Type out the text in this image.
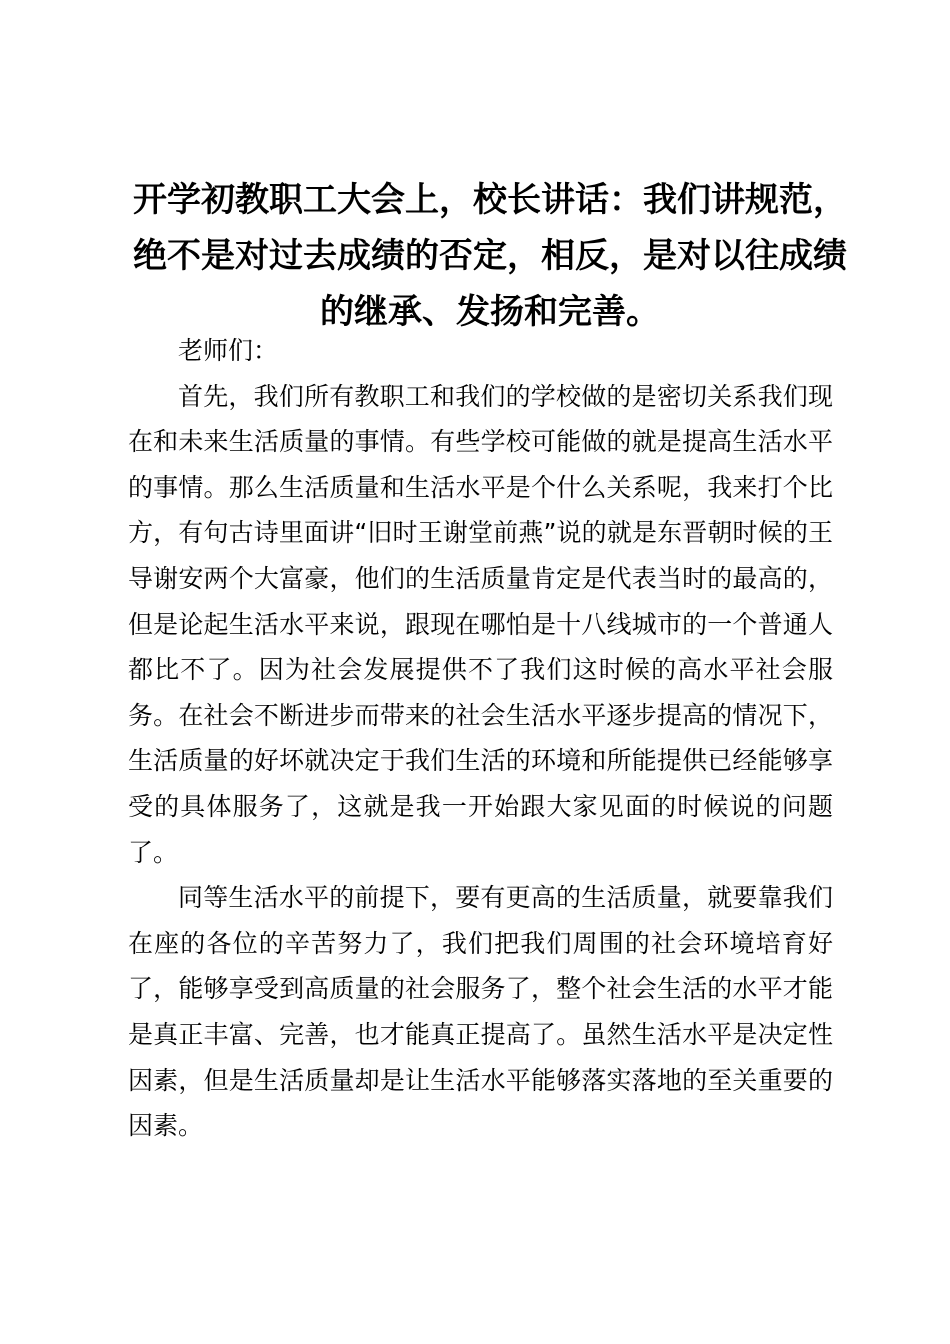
开学初教职工大会上，校长讲话：我们讲规范，绝不是对过去成绩的否定，相反，是对以往成绩的继承、发扬和完善。

老师们：

首先，我们所有教职工和我们的学校做的是密切关系我们现在和未来生活质量的事情。有些学校可能做的就是提高生活水平的事情。那么生活质量和生活水平是个什么关系呢，我来打个比方，有句古诗里面讲“旧时王谢堂前燕”说的就是东晋朝时候的王导谢安两个大富豪，他们的生活质量肯定是代表当时的最高的，但是论起生活水平来说，跟现在哪怕是十八线城市的一个普通人都比不了。因为社会发展提供不了我们这时候的高水平社会服务。在社会不断进步而带来的社会生活水平逐步提高的情况下，生活质量的好坏就决定于我们生活的环境和所能提供已经能够享受的具体服务了，这就是我一开始跟大家见面的时候说的问题了。

同等生活水平的前提下，要有更高的生活质量，就要靠我们在座的各位的辛苦努力了，我们把我们周围的社会环境培育好了，能够享受到高质量的社会服务了，整个社会生活的水平才能是真正丰富、完善，也才能真正提高了。虽然生活水平是决定性因素，但是生活质量却是让生活水平能够落实落地的至关重要的因素。
